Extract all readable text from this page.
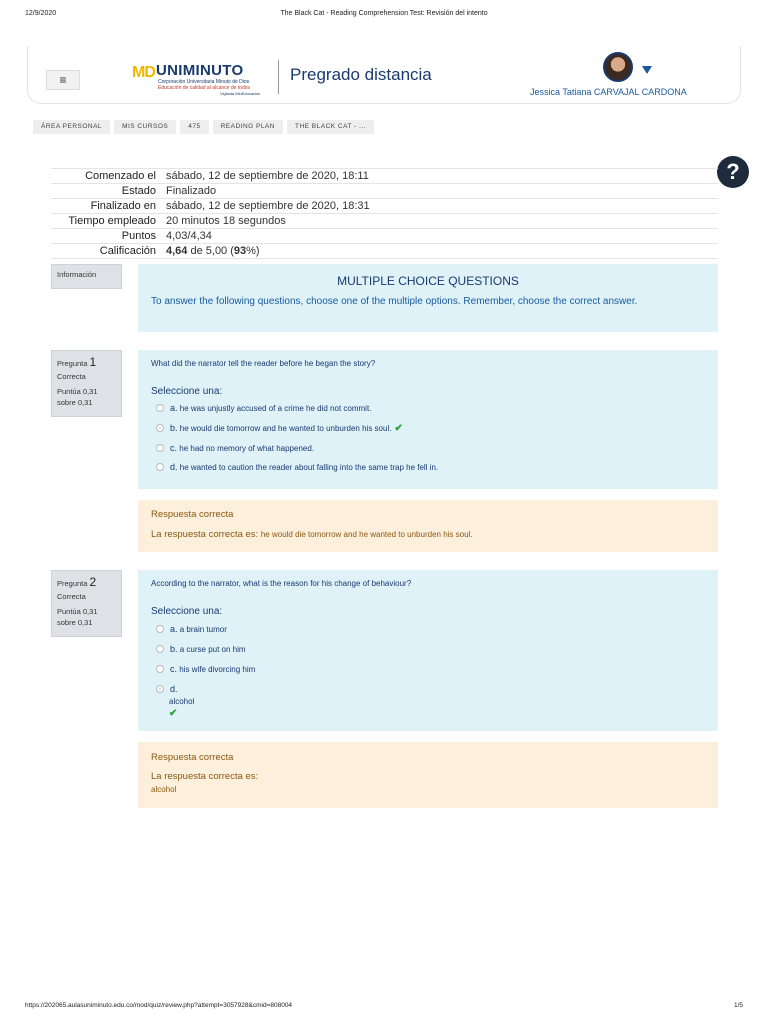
12/9/2020	The Black Cat - Reading Comprehension Test: Revisión del intento
≡	MD UNIMINUTO
Corporación Universitaria Minuto de Dios
Educación de calidad al alcance de todos
Vigilada MinEducación
Pregrado distancia
Jessica Tatiana CARVAJAL CARDONA
ÁREA PERSONAL	MIS CURSOS	475	READING PLAN	THE BLACK CAT - ...
?
Comenzado el	sábado, 12 de septiembre de 2020, 18:11
Estado	Finalizado
Finalizado en	sábado, 12 de septiembre de 2020, 18:31
Tiempo empleado	20 minutos 18 segundos
Puntos	4,03/4,34
Calificación	4,64 de 5,00 (93%)
Información	MULTIPLE CHOICE QUESTIONS
To answer the following questions, choose one of the multiple options. Remember, choose the correct answer.
Pregunta 1
Correcta
Puntúa 0,31
sobre 0,31
What did the narrator tell the reader before he began the story?
Seleccione una:
a. he was unjustly accused of a crime he did not commit.
b. he would die tomorrow and he wanted to unburden his soul. ✔
c. he had no memory of what happened.
d. he wanted to caution the reader about falling into the same trap he fell in.
Respuesta correcta
La respuesta correcta es: he would die tomorrow and he wanted to unburden his soul.
Pregunta 2
Correcta
Puntúa 0,31
sobre 0,31
According to the narrator, what is the reason for his change of behaviour?
Seleccione una:
a. a brain tumor
b. a curse put on him
c. his wife divorcing him
d.
alcohol
✔
Respuesta correcta
La respuesta correcta es:
alcohol
https://202065.aulasuniminuto.edu.co/mod/quiz/review.php?attempt=3057928&cmid=808004	1/5
